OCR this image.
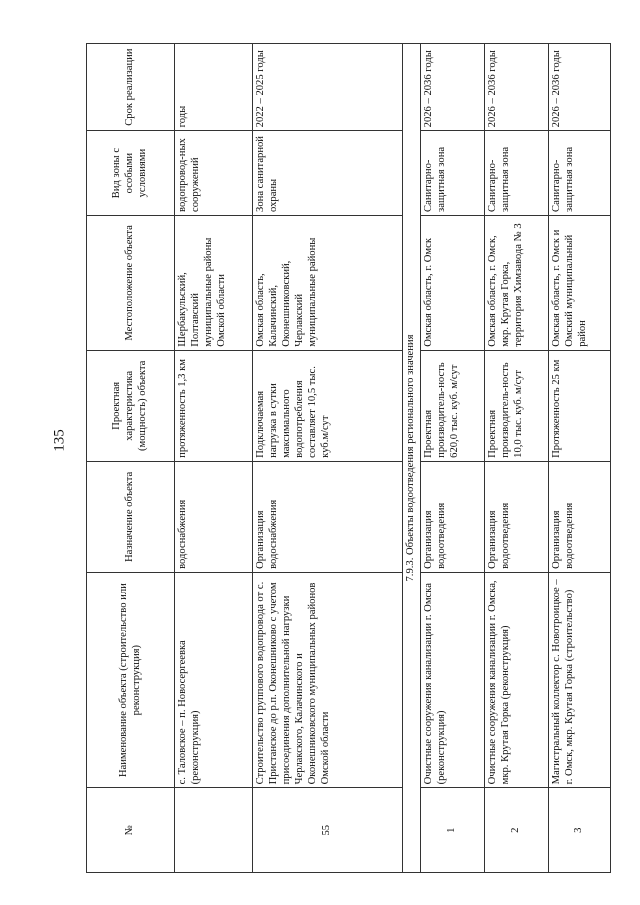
135
№	Наименование объекта (строительство или реконструкция)	Назначение объекта	Проектная характеристика (мощность) объекта	Местоположение объекта	Вид зоны с особыми условиями	Срок реализации
	с. Таловское – п. Новосергеевка (реконструкция)	водоснабжения	протяженность 1,3 км	Шербакульский, Полтавский муниципальные районы Омской области	водопровод-ных сооружений	годы
55	Строительство группового водопровода от с. Пристанское до р.п. Оконешниково с учетом присоединения дополнительной нагрузки Черлакского, Калачинского и Оконешниковского муниципальных районов Омской области	Организация водоснабжения	Подключаемая нагрузка в сутки максимального водопотребления составляет 10,5 тыс. куб.м/сут	Омская область, Калачинский, Оконешниковский, Черлакский муниципальные районы	Зона санитарной охраны	2022 – 2025 годы
7.9.3. Объекты водоотведения регионального значения						
1	Очистные сооружения канализации г. Омска (реконструкция)	Организация водоотведения	Проектная производитель-ность 620,0 тыс. куб. м/сут	Омская область, г. Омск	Санитарно-защитная зона	2026 – 2036 годы
2	Очистные сооружения канализации г. Омска, мкр. Крутая Горка (реконструкция)	Организация водоотведения	Проектная производитель-ность 10,0 тыс. куб. м/сут	Омская область, г. Омск, мкр. Крутая Горка, территория Химзавода № 3	Санитарно-защитная зона	2026 – 2036 годы
3	Магистральный коллектор с. Новотроицкое – г. Омск, мкр. Крутая Горка (строительство)	Организация водоотведения	Протяженность 25 км	Омская область, г. Омск и Омский муниципальный район	Санитарно-защитная зона	2026 – 2036 годы
